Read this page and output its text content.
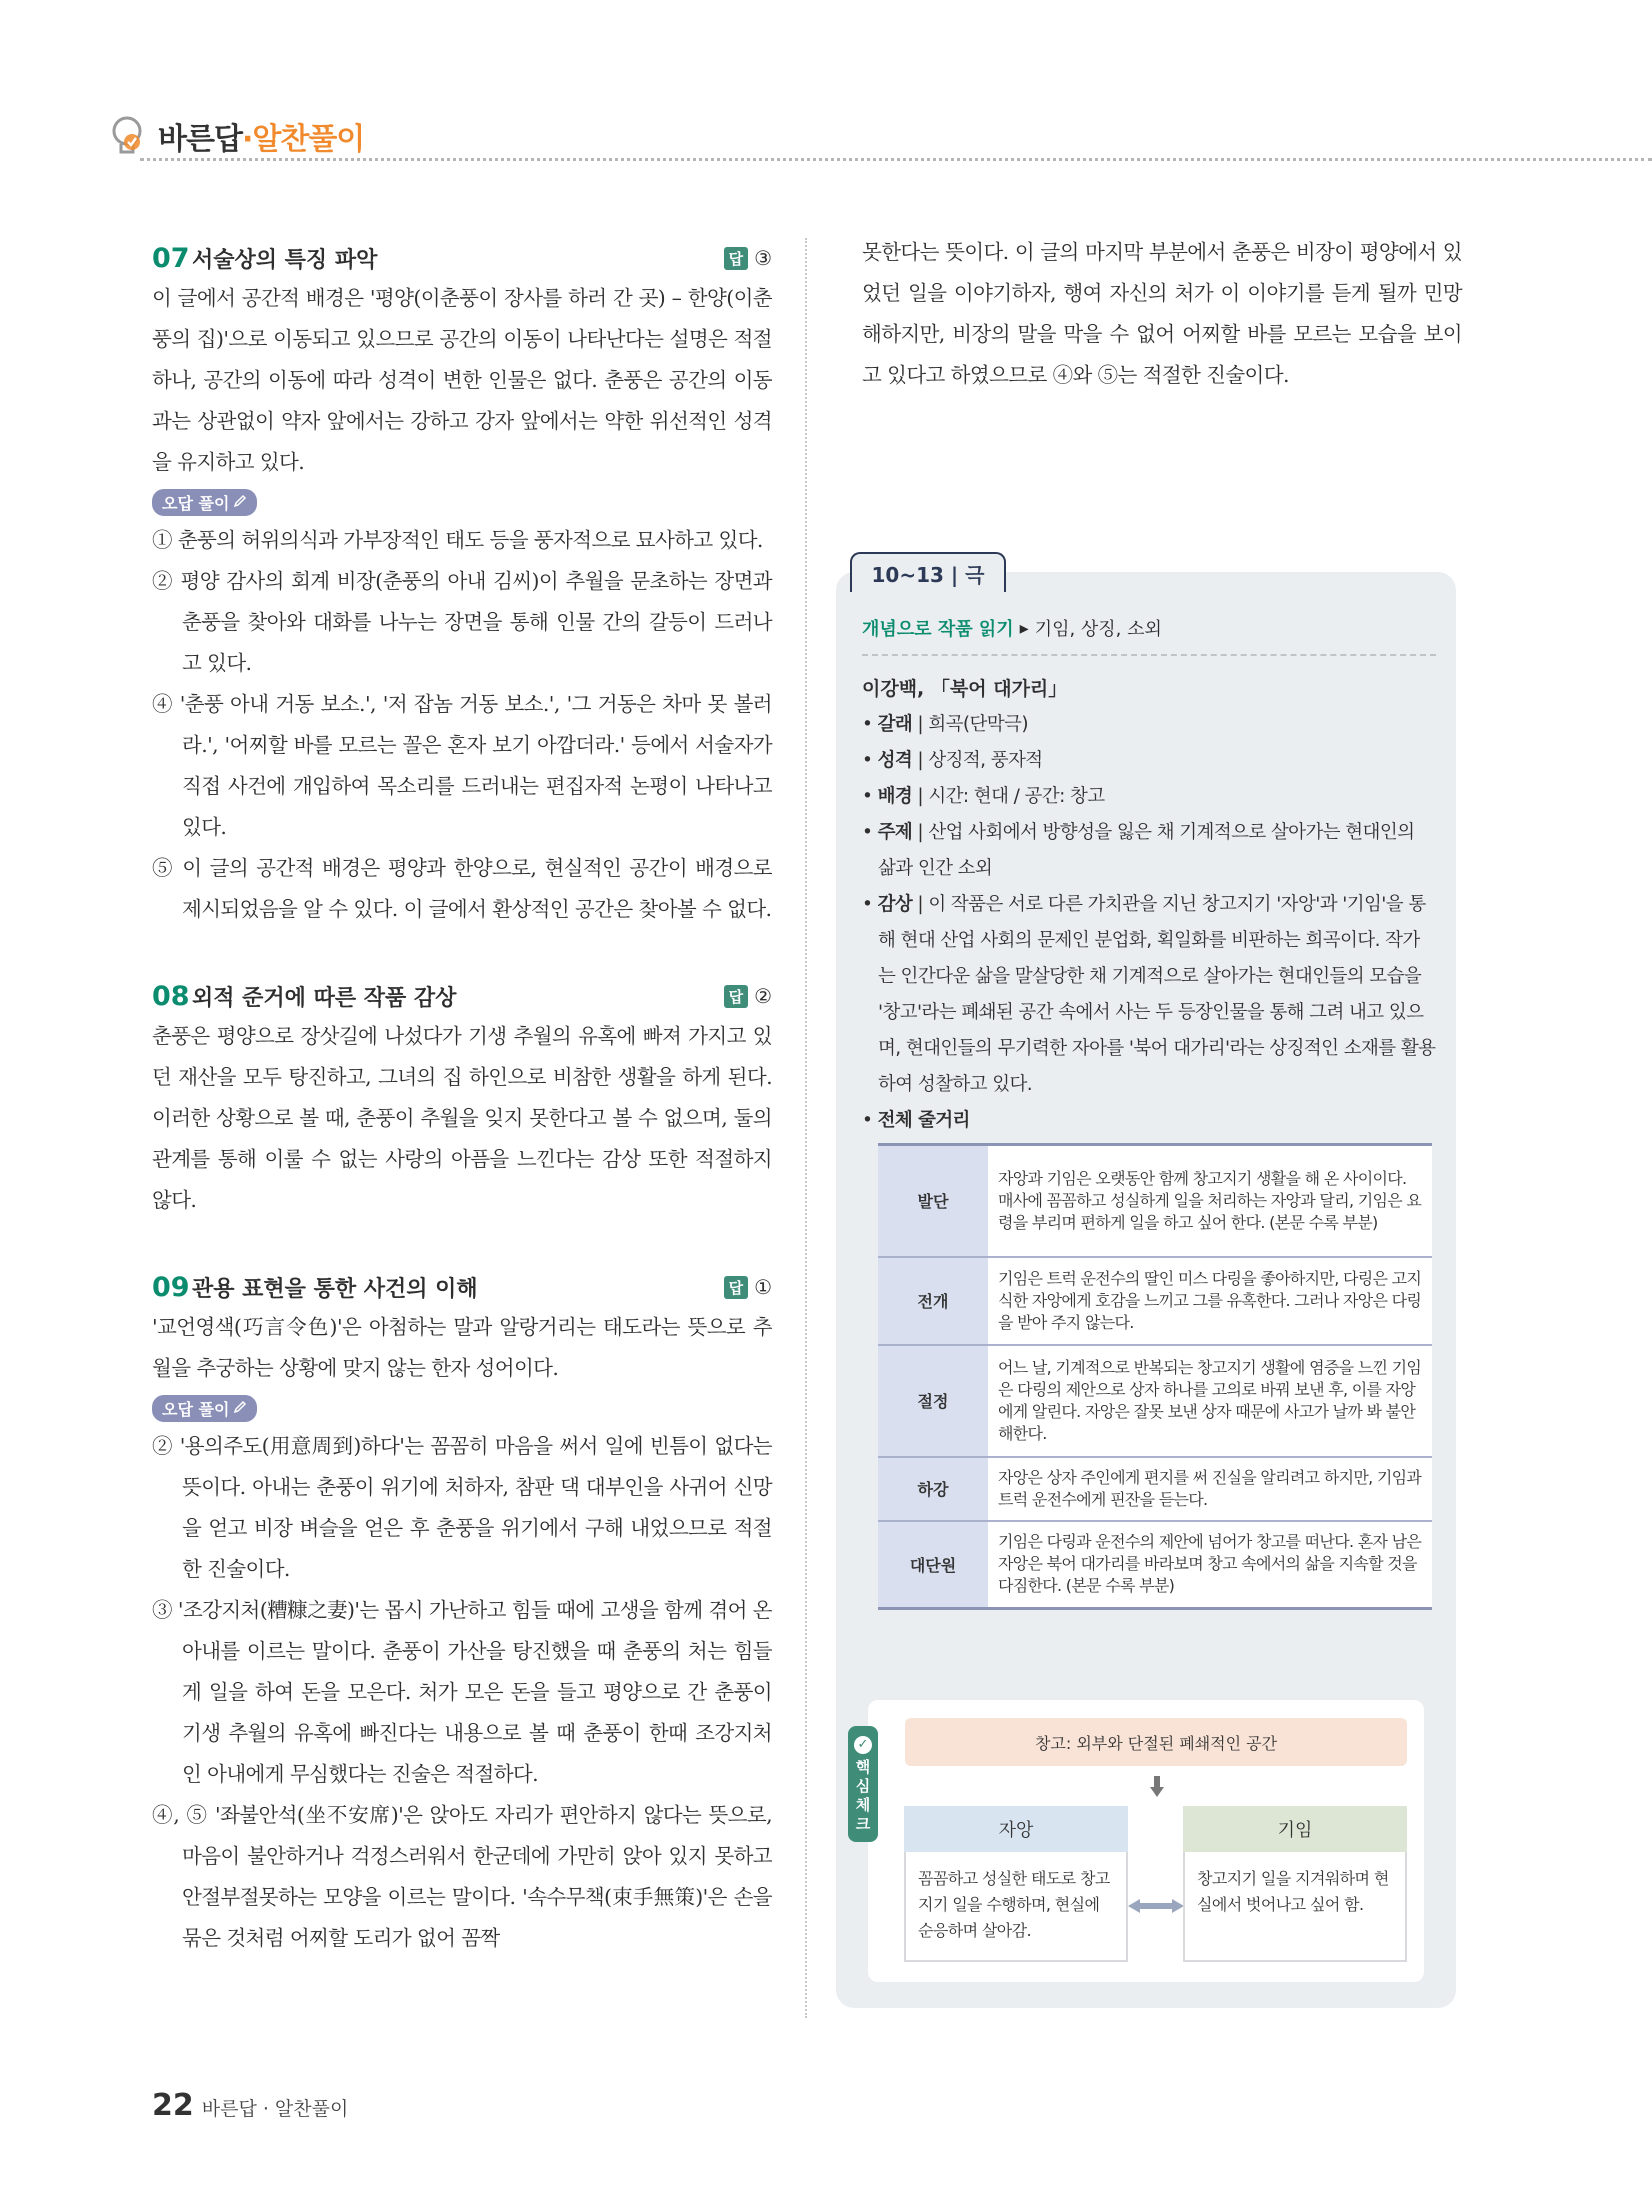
바른답·알찬풀이
07 서술상의 특징 파악	답 ③

이 글에서 공간적 배경은 '평양(이춘풍이 장사를 하러 간 곳) – 한양(이춘풍의 집)'으로 이동되고 있으므로 공간의 이동이 나타난다는 설명은 적절하나, 공간의 이동에 따라 성격이 변한 인물은 없다. 춘풍은 공간의 이동과는 상관없이 약자 앞에서는 강하고 강자 앞에서는 약한 위선적인 성격을 유지하고 있다.

오답 풀이
① 춘풍의 허위의식과 가부장적인 태도 등을 풍자적으로 묘사하고 있다.
② 평양 감사의 회계 비장(춘풍의 아내 김씨)이 추월을 문초하는 장면과 춘풍을 찾아와 대화를 나누는 장면을 통해 인물 간의 갈등이 드러나고 있다.
④ '춘풍 아내 거동 보소.', '저 잡놈 거동 보소.', '그 거동은 차마 못 볼러라.', '어찌할 바를 모르는 꼴은 혼자 보기 아깝더라.' 등에서 서술자가 직접 사건에 개입하여 목소리를 드러내는 편집자적 논평이 나타나고 있다.
⑤ 이 글의 공간적 배경은 평양과 한양으로, 현실적인 공간이 배경으로 제시되었음을 알 수 있다. 이 글에서 환상적인 공간은 찾아볼 수 없다.
08 외적 준거에 따른 작품 감상	답 ②

춘풍은 평양으로 장삿길에 나섰다가 기생 추월의 유혹에 빠져 가지고 있던 재산을 모두 탕진하고, 그녀의 집 하인으로 비참한 생활을 하게 된다. 이러한 상황으로 볼 때, 춘풍이 추월을 잊지 못한다고 볼 수 없으며, 둘의 관계를 통해 이룰 수 없는 사랑의 아픔을 느낀다는 감상 또한 적절하지 않다.

09 관용 표현을 통한 사건의 이해	답 ①

'교언영색(巧言令色)'은 아첨하는 말과 알랑거리는 태도라는 뜻으로 추월을 추궁하는 상황에 맞지 않는 한자 성어이다.

오답 풀이
② '용의주도(用意周到)하다'는 꼼꼼히 마음을 써서 일에 빈틈이 없다는 뜻이다. 아내는 춘풍이 위기에 처하자, 참판 댁 대부인을 사귀어 신망을 얻고 비장 벼슬을 얻은 후 춘풍을 위기에서 구해 내었으므로 적절한 진술이다.
③ '조강지처(糟糠之妻)'는 몹시 가난하고 힘들 때에 고생을 함께 겪어 온 아내를 이르는 말이다. 춘풍이 가산을 탕진했을 때 춘풍의 처는 힘들게 일을 하여 돈을 모은다. 처가 모은 돈을 들고 평양으로 간 춘풍이 기생 추월의 유혹에 빠진다는 내용으로 볼 때 춘풍이 한때 조강지처인 아내에게 무심했다는 진술은 적절하다.
④, ⑤ '좌불안석(坐不安席)'은 앉아도 자리가 편안하지 않다는 뜻으로, 마음이 불안하거나 걱정스러워서 한군데에 가만히 앉아 있지 못하고 안절부절못하는 모양을 이르는 말이다. '속수무책(束手無策)'은 손을 묶은 것처럼 어찌할 도리가 없어 꼼짝

못한다는 뜻이다. 이 글의 마지막 부분에서 춘풍은 비장이 평양에서 있었던 일을 이야기하자, 행여 자신의 처가 이 이야기를 듣게 될까 민망해하지만, 비장의 말을 막을 수 없어 어찌할 바를 모르는 모습을 보이고 있다고 하였으므로 ④와 ⑤는 적절한 진술이다.

10~13 | 극
개념으로 작품 읽기 ▸ 기임, 상징, 소외
이강백, 「북어 대가리」
• 갈래 | 희곡(단막극)
• 성격 | 상징적, 풍자적
• 배경 | 시간: 현대 / 공간: 창고
• 주제 | 산업 사회에서 방향성을 잃은 채 기계적으로 살아가는 현대인의 삶과 인간 소외
• 감상 | 이 작품은 서로 다른 가치관을 지닌 창고지기 '자앙'과 '기임'을 통해 현대 산업 사회의 문제인 분업화, 획일화를 비판하는 희곡이다. 작가는 인간다운 삶을 말살당한 채 기계적으로 살아가는 현대인들의 모습을 '창고'라는 폐쇄된 공간 속에서 사는 두 등장인물을 통해 그려 내고 있으며, 현대인들의 무기력한 자아를 '북어 대가리'라는 상징적인 소재를 활용하여 성찰하고 있다.
• 전체 줄거리
발단	자앙과 기임은 오랫동안 함께 창고지기 생활을 해 온 사이이다. 매사에 꼼꼼하고 성실하게 일을 처리하는 자앙과 달리, 기임은 요령을 부리며 편하게 일을 하고 싶어 한다. (본문 수록 부분)
전개	기임은 트럭 운전수의 딸인 미스 다링을 좋아하지만, 다링은 고지식한 자앙에게 호감을 느끼고 그를 유혹한다. 그러나 자앙은 다링을 받아 주지 않는다.
절정	어느 날, 기계적으로 반복되는 창고지기 생활에 염증을 느낀 기임은 다링의 제안으로 상자 하나를 고의로 바꿔 보낸 후, 이를 자앙에게 알린다. 자앙은 잘못 보낸 상자 때문에 사고가 날까 봐 불안해한다.
하강	자앙은 상자 주인에게 편지를 써 진실을 알리려고 하지만, 기임과 트럭 운전수에게 핀잔을 듣는다.
대단원	기임은 다링과 운전수의 제안에 넘어가 창고를 떠난다. 혼자 남은 자앙은 북어 대가리를 바라보며 창고 속에서의 삶을 지속할 것을 다짐한다. (본문 수록 부분)
✓
핵심체크
창고: 외부와 단절된 폐쇄적인 공간
자앙
꼼꼼하고 성실한 태도로 창고지기 일을 수행하며, 현실에 순응하며 살아감.
기임
창고지기 일을 지겨워하며 현실에서 벗어나고 싶어 함.
22 바른답 · 알찬풀이
